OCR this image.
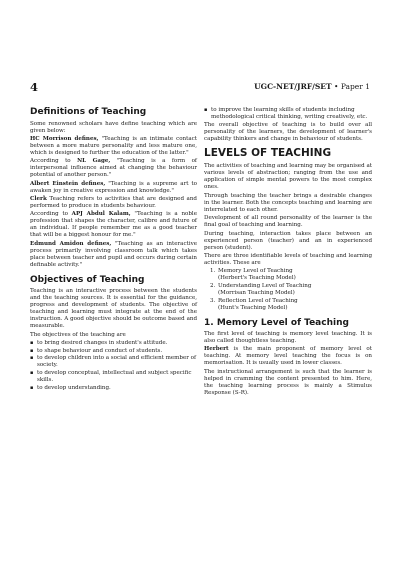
4	UGC-NET/JRF/SET • Paper 1
Definitions of Teaching

Some renowned scholars have define teaching which are given below:

HC Morrison defines, "Teaching is an intimate contact between a more mature personality and less mature one, which is designed to further the education of the latter."

According to NL Gage, "Teaching is a form of interpersonal influence aimed at changing the behaviour potential of another person."

Albert Einstein defines, "Teaching is a supreme art to awaken joy in creative expression and knowledge."

Clerk Teaching refers to activities that are designed and performed to produce in students behaviour.

According to APJ Abdul Kalam, "Teaching is a noble profession that shapes the character, calibre and future of an individual. If people remember me as a good teacher that will be a biggest honour for me."

Edmund Amidon defines, "Teaching as an interactive process primarily involving classroom talk which takes place between teacher and pupil and occurs during certain definable activity."

Objectives of Teaching

Teaching is an interactive process between the students and the teaching sources. It is essential for the guidance, progress and development of students. The objective of teaching and learning must integrate at the end of the instruction. A good objective should be outcome based and measurable.

The objectives of the teaching are

▪ to bring desired changes in student's attitude.
▪ to shape behaviour and conduct of students.
▪ to develop children into a social and efficient member of society.
▪ to develop conceptual, intellectual and subject specific skills.
▪ to develop understanding.
▪ to improve the learning skills of students including methodological critical thinking, writing creatively, etc.

The overall objective of teaching is to build over all personality of the learners, the development of learner's capability thinkers and change in behaviour of students.

LEVELS OF TEACHING

The activities of teaching and learning may be organised at various levels of abstraction; ranging from the use and application of simple mental powers to the most complex ones.

Through teaching the teacher brings a desirable changes in the learner. Both the concepts teaching and learning are interrelated to each other.

Development of all round personality of the learner is the final goal of teaching and learning.

During teaching, interaction takes place between an experienced person (teacher) and an in experienced person (student).

There are three identifiable levels of teaching and learning activities. These are

1. Memory Level of Teaching
(Herbert's Teaching Model)
2. Understanding Level of Teaching
(Morrisan Teaching Model)
3. Reflection Level of Teaching
(Hunt's Teaching Model)
1. Memory Level of Teaching

The first level of teaching is memory level teaching. It is also called thoughtless teaching.

Herbert is the main proponent of memory level ot teaching. At memory level teaching the focus is on memorisation. It is usually used in lower classes.

The instructional arrangement is such that the learner is helped in cramming the content presented to him. Here, the teaching learning process is mainly a Stimulus Response (S-R).
